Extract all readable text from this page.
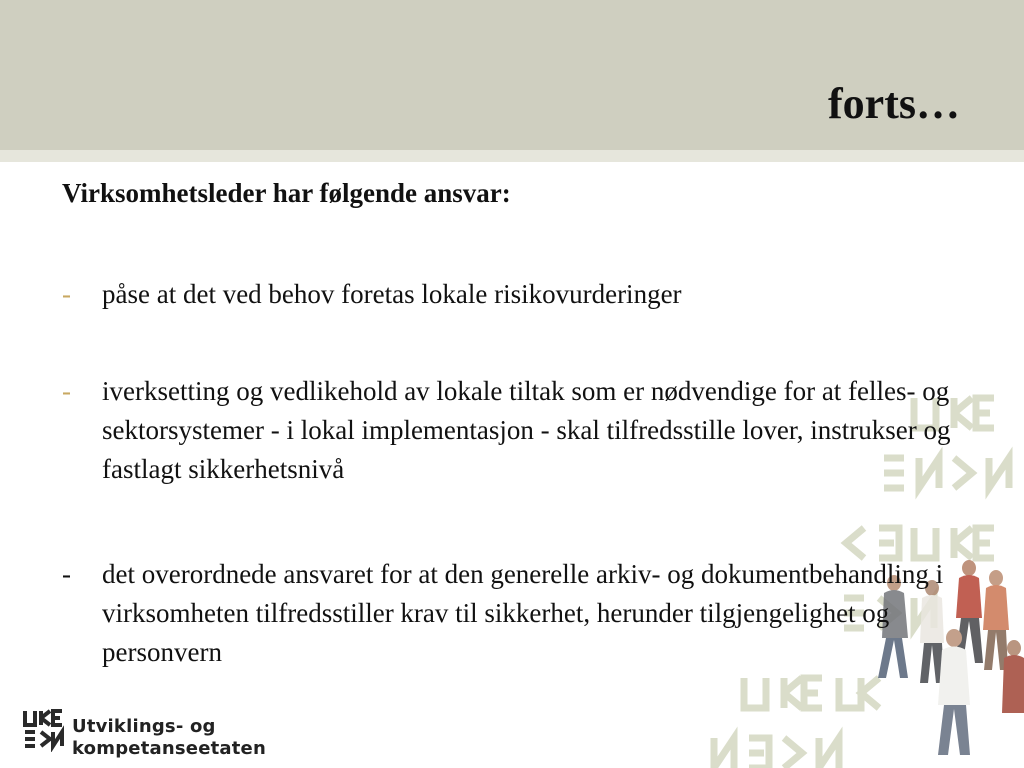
forts…
Virksomhetsleder har følgende ansvar:
- påse at det ved behov foretas lokale risikovurderinger
- iverksetting og vedlikehold av lokale tiltak som er nødvendige for at felles- og sektorsystemer - i lokal implementasjon - skal tilfredsstille lover, instrukser og fastlagt sikkerhetsnivå
- det overordnede ansvaret for at den generelle arkiv- og dokumentbehandling i virksomheten tilfredsstiller krav til sikkerhet, herunder tilgjengelighet og personvern
Utviklings- og
kompetanseetaten
